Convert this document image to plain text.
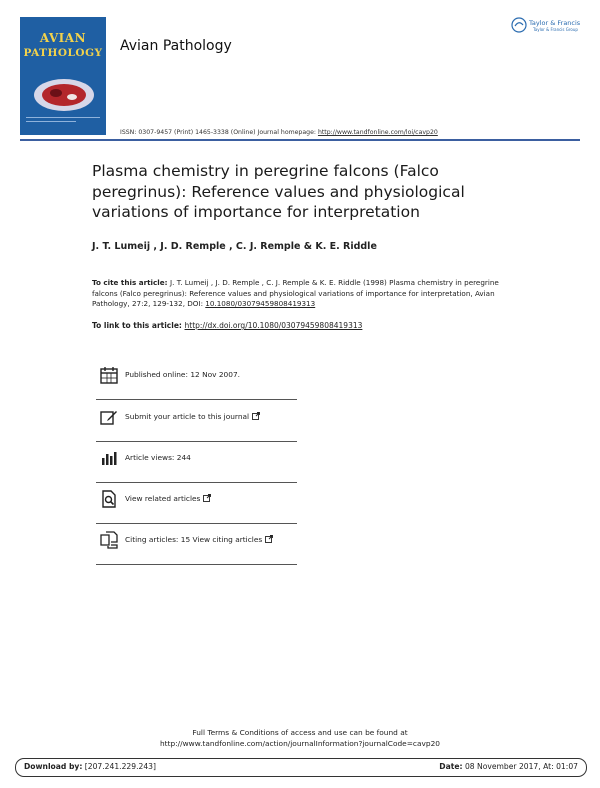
AVIAN
PATHOLOGY Avian Pathology
Taylor & Francis
Taylor & Francis Group
ISSN: 0307-9457 (Print) 1465-3338 (Online) Journal homepage: http://www.tandfonline.com/loi/cavp20
Plasma chemistry in peregrine falcons (Falco peregrinus): Reference values and physiological variations of importance for interpretation
J. T. Lumeij , J. D. Remple , C. J. Remple & K. E. Riddle
To cite this article: J. T. Lumeij , J. D. Remple , C. J. Remple & K. E. Riddle (1998) Plasma chemistry in peregrine falcons (Falco peregrinus): Reference values and physiological variations of importance for interpretation, Avian Pathology, 27:2, 129-132, DOI: 10.1080/03079459808419313
To link to this article: http://dx.doi.org/10.1080/03079459808419313
Published online: 12 Nov 2007.
Submit your article to this journal
Article views: 244
View related articles
Citing articles: 15 View citing articles
Full Terms & Conditions of access and use can be found at
http://www.tandfonline.com/action/journalInformation?journalCode=cavp20
Download by: [207.241.229.243]	Date: 08 November 2017, At: 01:07
